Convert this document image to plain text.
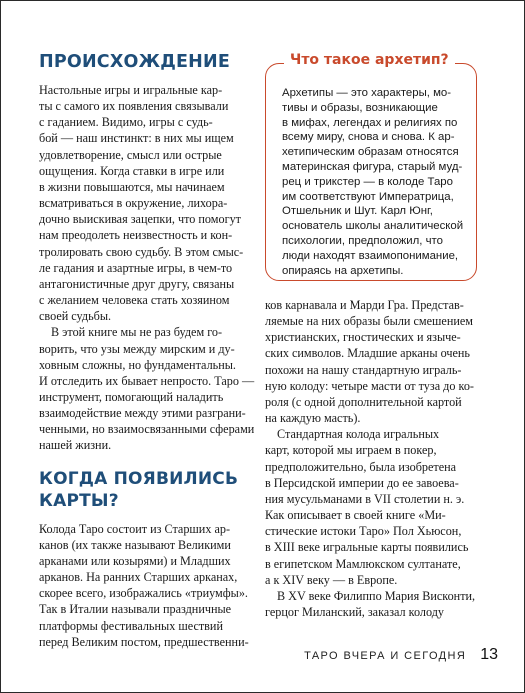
ПРОИСХОЖДЕНИЕ

Настольные игры и игральные кар-
ты с самого их появления связывали
с гаданием. Видимо, игры с судь-
бой — наш инстинкт: в них мы ищем
удовлетворение, смысл или острые
ощущения. Когда ставки в игре или
в жизни повышаются, мы начинаем
всматриваться в окружение, лихора-
дочно выискивая зацепки, что помогут
нам преодолеть неизвестность и кон-
тролировать свою судьбу. В этом смыс-
ле гадания и азартные игры, в чем-то
антагонистичные друг другу, связаны
с желанием человека стать хозяином
своей судьбы.

В этой книге мы не раз будем го-
ворить, что узы между мирским и ду-
ховным сложны, но фундаментальны.
И отследить их бывает непросто. Таро —
инструмент, помогающий наладить
взаимодействие между этими разграни-
ченными, но взаимосвязанными сферами
нашей жизни.

КОГДА ПОЯВИЛИСЬ
КАРТЫ?

Колода Таро состоит из Старших ар-
канов (их также называют Великими
арканами или козырями) и Младших
арканов. На ранних Старших арканах,
скорее всего, изображались «триумфы».
Так в Италии называли праздничные
платформы фестивальных шествий
перед Великим постом, предшественни-

Что такое архетип?

Архетипы — это характеры, мо-
тивы и образы, возникающие
в мифах, легендах и религиях по
всему миру, снова и снова. К ар-
хетипическим образам относятся
материнская фигура, старый муд-
рец и трикстер — в колоде Таро
им соответствуют Императрица,
Отшельник и Шут. Карл Юнг,
основатель школы аналитической
психологии, предположил, что
люди находят взаимопонимание,
опираясь на архетипы.

ков карнавала и Марди Гра. Представ-
ляемые на них образы были смешением
христианских, гностических и языче-
ских символов. Младшие арканы очень
похожи на нашу стандартную играль-
ную колоду: четыре масти от туза до ко-
роля (с одной дополнительной картой
на каждую масть).

Стандартная колода игральных
карт, которой мы играем в покер,
предположительно, была изобретена
в Персидской империи до ее завоева-
ния мусульманами в VII столетии н. э.
Как описывает в своей книге «Ми-
стические истоки Таро» Пол Хьюсон,
в XIII веке игральные карты появились
в египетском Мамлюкском султанате,
а к XIV веку — в Европе.

В XV веке Филиппо Мария Висконти,
герцог Миланский, заказал колоду

ТАРО ВЧЕРА И СЕГОДНЯ 13
